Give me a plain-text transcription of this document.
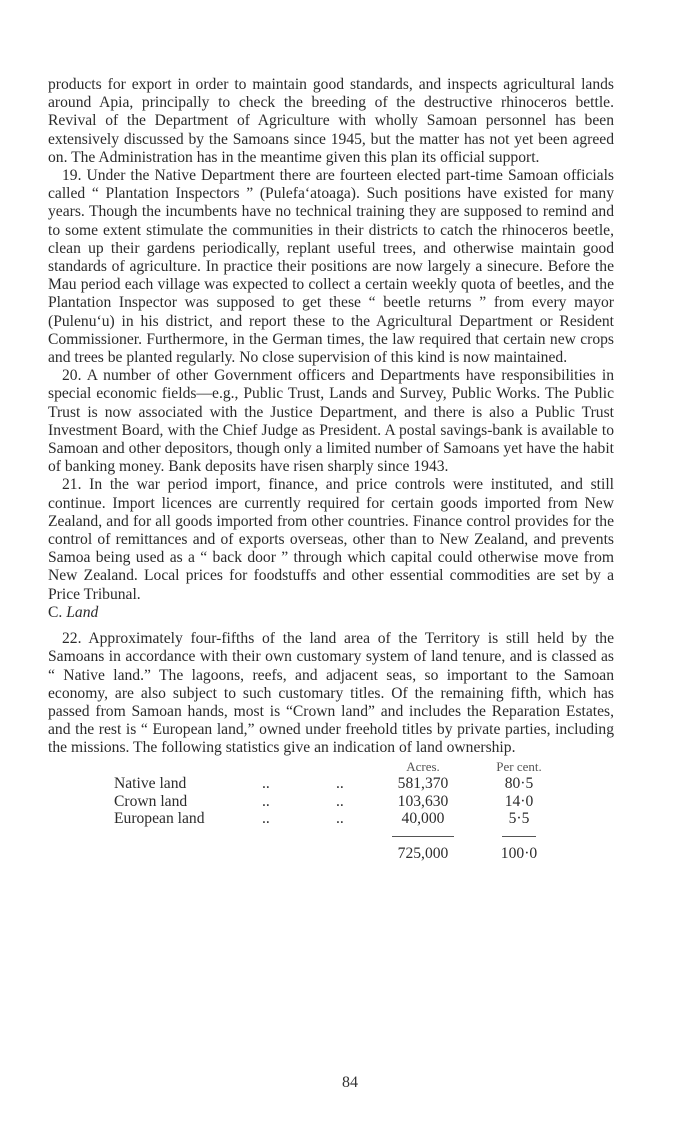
products for export in order to maintain good standards, and inspects agricultural lands around Apia, principally to check the breeding of the destructive rhinoceros bettle. Revival of the Department of Agriculture with wholly Samoan personnel has been extensively discussed by the Samoans since 1945, but the matter has not yet been agreed on. The Administration has in the meantime given this plan its official support.

19. Under the Native Department there are fourteen elected part-time Samoan officials called “ Plantation Inspectors ” (Pulefa‘atoaga). Such positions have existed for many years. Though the incumbents have no technical training they are supposed to remind and to some extent stimulate the communities in their districts to catch the rhinoceros beetle, clean up their gardens periodically, replant useful trees, and otherwise maintain good standards of agriculture. In practice their positions are now largely a sinecure. Before the Mau period each village was expected to collect a certain weekly quota of beetles, and the Plantation Inspector was supposed to get these “ beetle returns ” from every mayor (Pulenu‘u) in his district, and report these to the Agricultural Department or Resident Commissioner. Furthermore, in the German times, the law required that certain new crops and trees be planted regularly. No close supervision of this kind is now maintained.

20. A number of other Government officers and Departments have responsibilities in special economic fields—e.g., Public Trust, Lands and Survey, Public Works. The Public Trust is now associated with the Justice Department, and there is also a Public Trust Investment Board, with the Chief Judge as President. A postal savings-bank is available to Samoan and other depositors, though only a limited number of Samoans yet have the habit of banking money. Bank deposits have risen sharply since 1943.

21. In the war period import, finance, and price controls were instituted, and still continue. Import licences are currently required for certain goods imported from New Zealand, and for all goods imported from other countries. Finance control provides for the control of remittances and of exports overseas, other than to New Zealand, and prevents Samoa being used as a “ back door ” through which capital could otherwise move from New Zealand. Local prices for foodstuffs and other essential commodities are set by a Price Tribunal.

C. Land

22. Approximately four-fifths of the land area of the Territory is still held by the Samoans in accordance with their own customary system of land tenure, and is classed as “ Native land.” The lagoons, reefs, and adjacent seas, so important to the Samoan economy, are also subject to such customary titles. Of the remaining fifth, which has passed from Samoan hands, most is “Crown land” and includes the Reparation Estates, and the rest is “ European land,” owned under freehold titles by private parties, including the missions. The following statistics give an indication of land ownership.

			Acres.	Per cent.
Native land	..	..	581,370	80·5
Crown land	..	..	103,630	14·0
European land	..	..	40,000	5·5

			725,000	100·0
84
